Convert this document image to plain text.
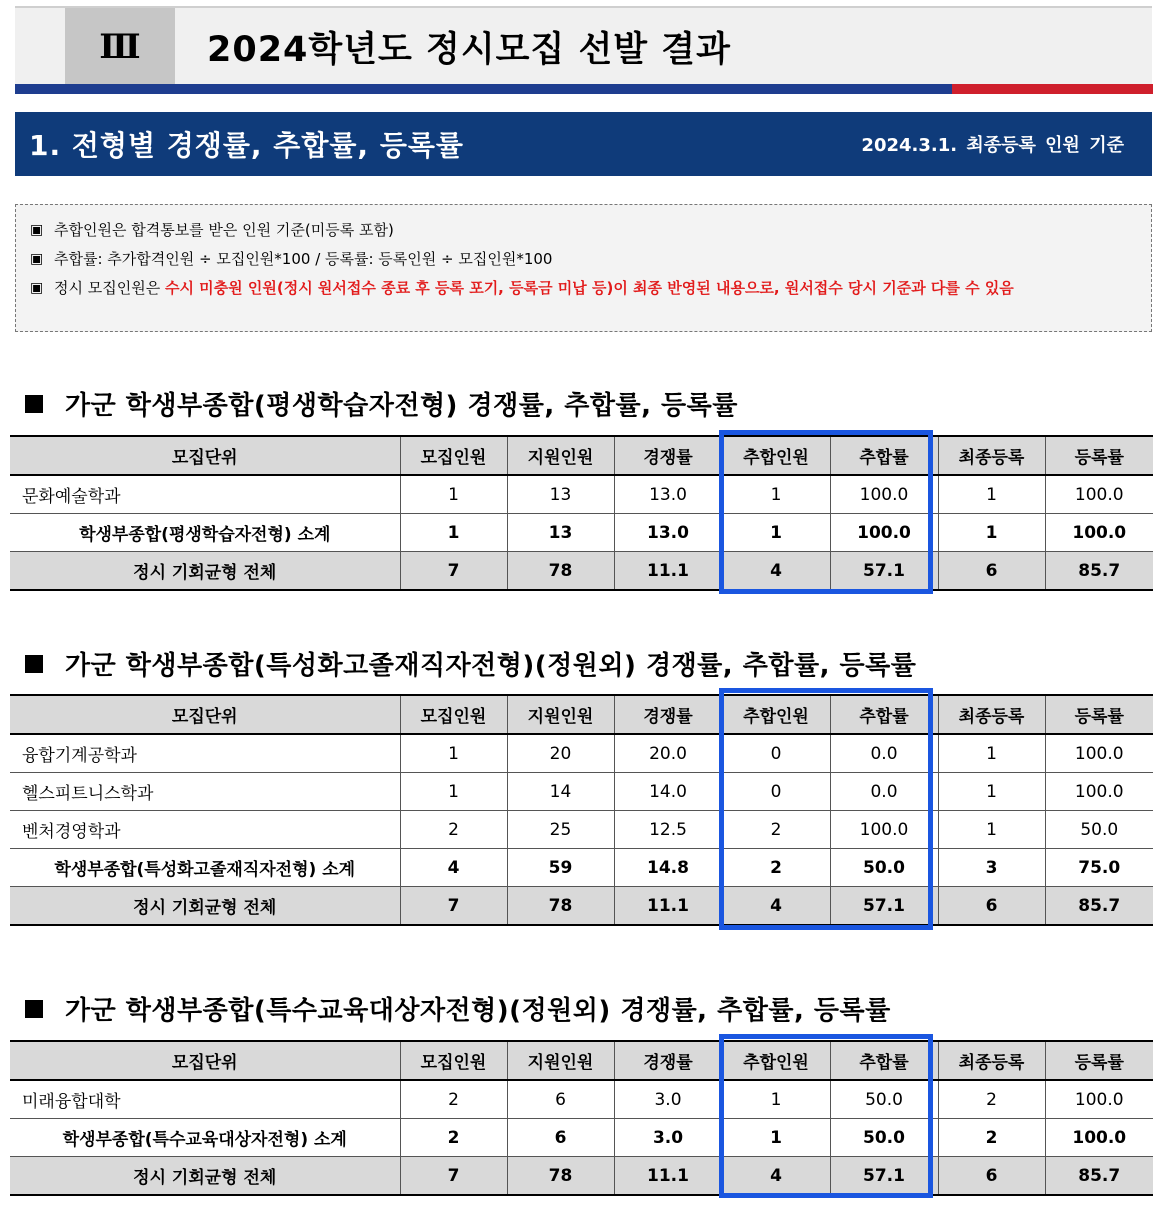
Ⅲ	2024학년도 정시모집 선발 결과
1. 전형별 경쟁률, 추합률, 등록률	2024.3.1. 최종등록 인원 기준
▣ 추합인원은 합격통보를 받은 인원 기준(미등록 포함)
▣ 추합률: 추가합격인원 ÷ 모집인원*100 / 등록률: 등록인원 ÷ 모집인원*100
▣ 정시 모집인원은 수시 미충원 인원(정시 원서접수 종료 후 등록 포기, 등록금 미납 등)이 최종 반영된 내용으로, 원서접수 당시 기준과 다를 수 있음
가군 학생부종합(평생학습자전형) 경쟁률, 추합률, 등록률
모집단위	모집인원	지원인원	경쟁률	추합인원	추합률	최종등록	등록률
문화예술학과	1	13	13.0	1	100.0	1	100.0
학생부종합(평생학습자전형) 소계	1	13	13.0	1	100.0	1	100.0
정시 기회균형 전체	7	78	11.1	4	57.1	6	85.7
가군 학생부종합(특성화고졸재직자전형)(정원외) 경쟁률, 추합률, 등록률
모집단위	모집인원	지원인원	경쟁률	추합인원	추합률	최종등록	등록률
융합기계공학과	1	20	20.0	0	0.0	1	100.0
헬스피트니스학과	1	14	14.0	0	0.0	1	100.0
벤처경영학과	2	25	12.5	2	100.0	1	50.0
학생부종합(특성화고졸재직자전형) 소계	4	59	14.8	2	50.0	3	75.0
정시 기회균형 전체	7	78	11.1	4	57.1	6	85.7
가군 학생부종합(특수교육대상자전형)(정원외) 경쟁률, 추합률, 등록률
모집단위	모집인원	지원인원	경쟁률	추합인원	추합률	최종등록	등록률
미래융합대학	2	6	3.0	1	50.0	2	100.0
학생부종합(특수교육대상자전형) 소계	2	6	3.0	1	50.0	2	100.0
정시 기회균형 전체	7	78	11.1	4	57.1	6	85.7
